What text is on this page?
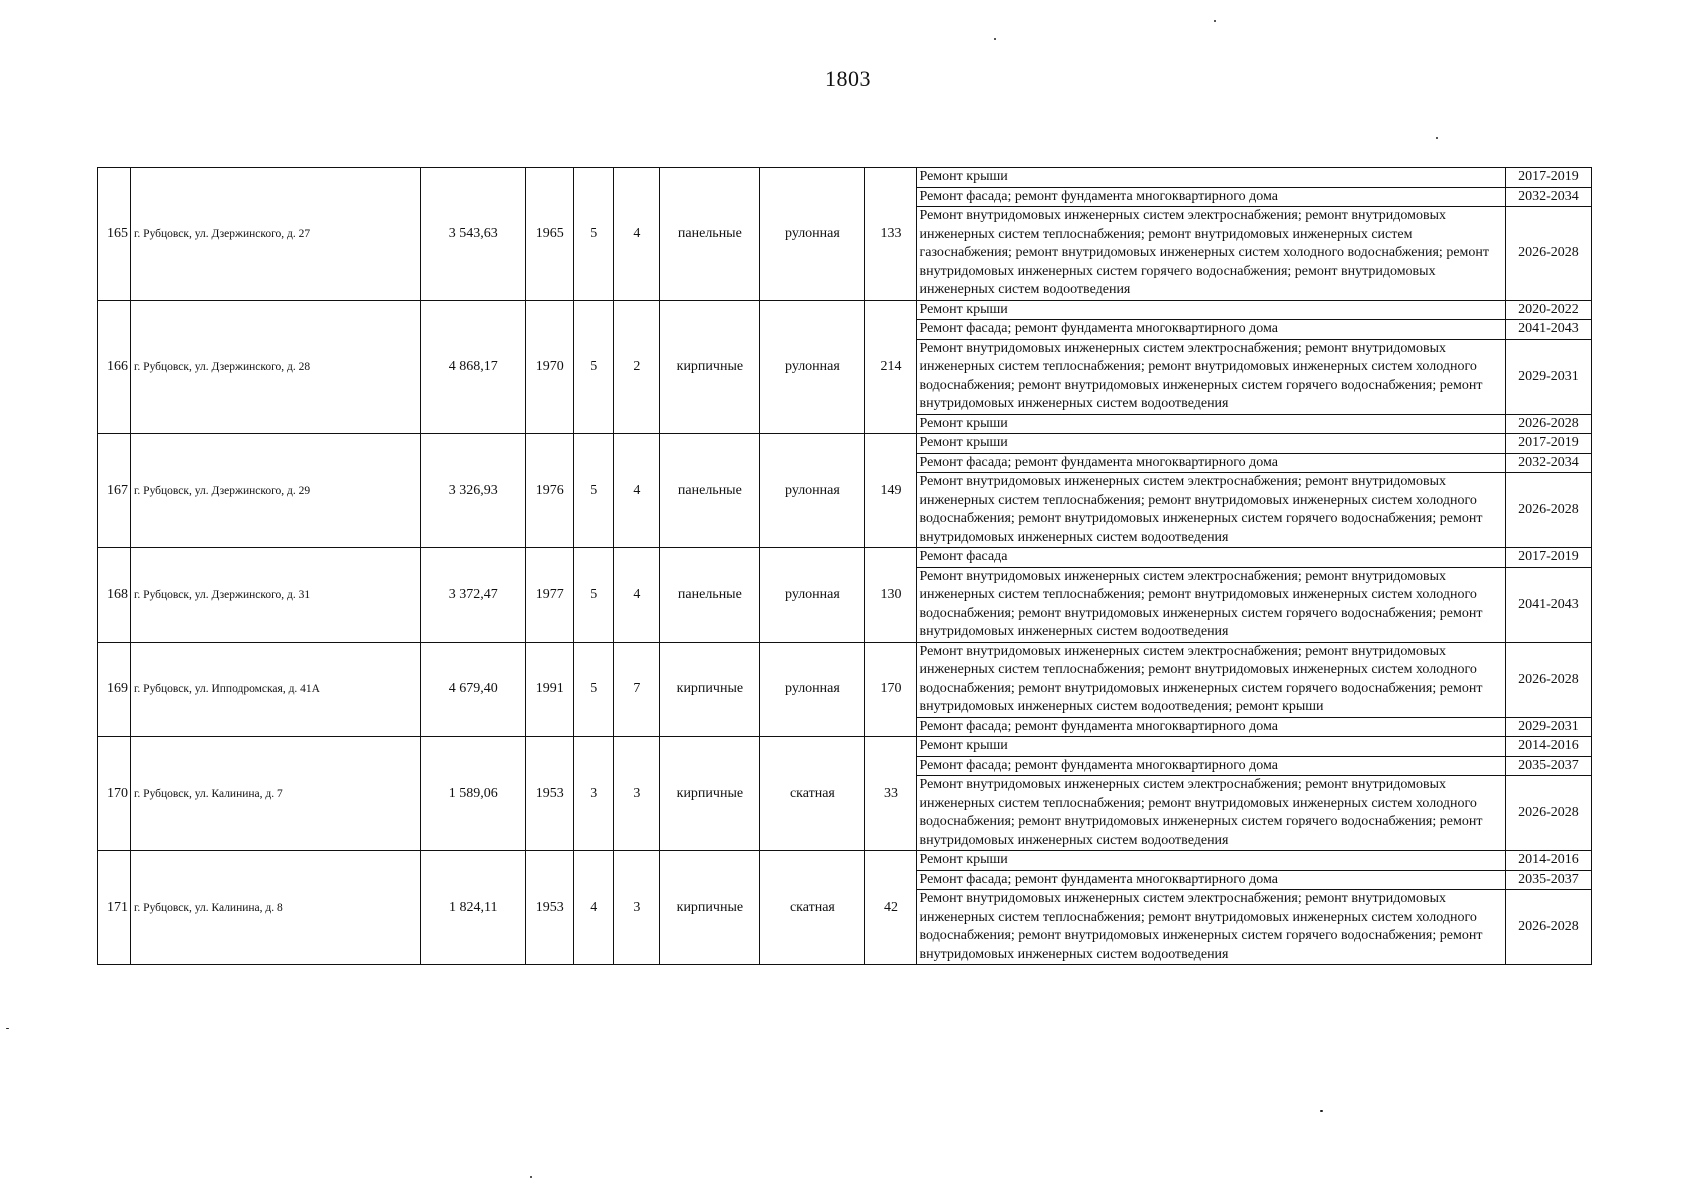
1803
165	г. Рубцовск, ул. Дзержинского, д. 27	3 543,63	1965	5	4	панельные	рулонная	133	Ремонт крыши	2017-2019
									Ремонт фасада; ремонт фундамента многоквартирного дома	2032-2034
									Ремонт внутридомовых инженерных систем электроснабжения; ремонт внутридомовых инженерных систем теплоснабжения; ремонт внутридомовых инженерных систем газоснабжения; ремонт внутридомовых инженерных систем холодного водоснабжения; ремонт внутридомовых инженерных систем горячего водоснабжения; ремонт внутридомовых инженерных систем водоотведения	2026-2028
166	г. Рубцовск, ул. Дзержинского, д. 28	4 868,17	1970	5	2	кирпичные	рулонная	214	Ремонт крыши	2020-2022
									Ремонт фасада; ремонт фундамента многоквартирного дома	2041-2043
									Ремонт внутридомовых инженерных систем электроснабжения; ремонт внутридомовых инженерных систем теплоснабжения; ремонт внутридомовых инженерных систем холодного водоснабжения; ремонт внутридомовых инженерных систем горячего водоснабжения; ремонт внутридомовых инженерных систем водоотведения	2029-2031
									Ремонт крыши	2026-2028
167	г. Рубцовск, ул. Дзержинского, д. 29	3 326,93	1976	5	4	панельные	рулонная	149	Ремонт крыши	2017-2019
									Ремонт фасада; ремонт фундамента многоквартирного дома	2032-2034
									Ремонт внутридомовых инженерных систем электроснабжения; ремонт внутридомовых инженерных систем теплоснабжения; ремонт внутридомовых инженерных систем холодного водоснабжения; ремонт внутридомовых инженерных систем горячего водоснабжения; ремонт внутридомовых инженерных систем водоотведения	2026-2028
168	г. Рубцовск, ул. Дзержинского, д. 31	3 372,47	1977	5	4	панельные	рулонная	130	Ремонт фасада	2017-2019
									Ремонт внутридомовых инженерных систем электроснабжения; ремонт внутридомовых инженерных систем теплоснабжения; ремонт внутридомовых инженерных систем холодного водоснабжения; ремонт внутридомовых инженерных систем горячего водоснабжения; ремонт внутридомовых инженерных систем водоотведения	2041-2043
169	г. Рубцовск, ул. Ипподромская, д. 41А	4 679,40	1991	5	7	кирпичные	рулонная	170	Ремонт внутридомовых инженерных систем электроснабжения; ремонт внутридомовых инженерных систем теплоснабжения; ремонт внутридомовых инженерных систем холодного водоснабжения; ремонт внутридомовых инженерных систем горячего водоснабжения; ремонт внутридомовых инженерных систем водоотведения; ремонт крыши	2026-2028
									Ремонт фасада; ремонт фундамента многоквартирного дома	2029-2031
170	г. Рубцовск, ул. Калинина, д. 7	1 589,06	1953	3	3	кирпичные	скатная	33	Ремонт крыши	2014-2016
									Ремонт фасада; ремонт фундамента многоквартирного дома	2035-2037
									Ремонт внутридомовых инженерных систем электроснабжения; ремонт внутридомовых инженерных систем теплоснабжения; ремонт внутридомовых инженерных систем холодного водоснабжения; ремонт внутридомовых инженерных систем горячего водоснабжения; ремонт внутридомовых инженерных систем водоотведения	2026-2028
171	г. Рубцовск, ул. Калинина, д. 8	1 824,11	1953	4	3	кирпичные	скатная	42	Ремонт крыши	2014-2016
									Ремонт фасада; ремонт фундамента многоквартирного дома	2035-2037
									Ремонт внутридомовых инженерных систем электроснабжения; ремонт внутридомовых инженерных систем теплоснабжения; ремонт внутридомовых инженерных систем холодного водоснабжения; ремонт внутридомовых инженерных систем горячего водоснабжения; ремонт внутридомовых инженерных систем водоотведения	2026-2028
